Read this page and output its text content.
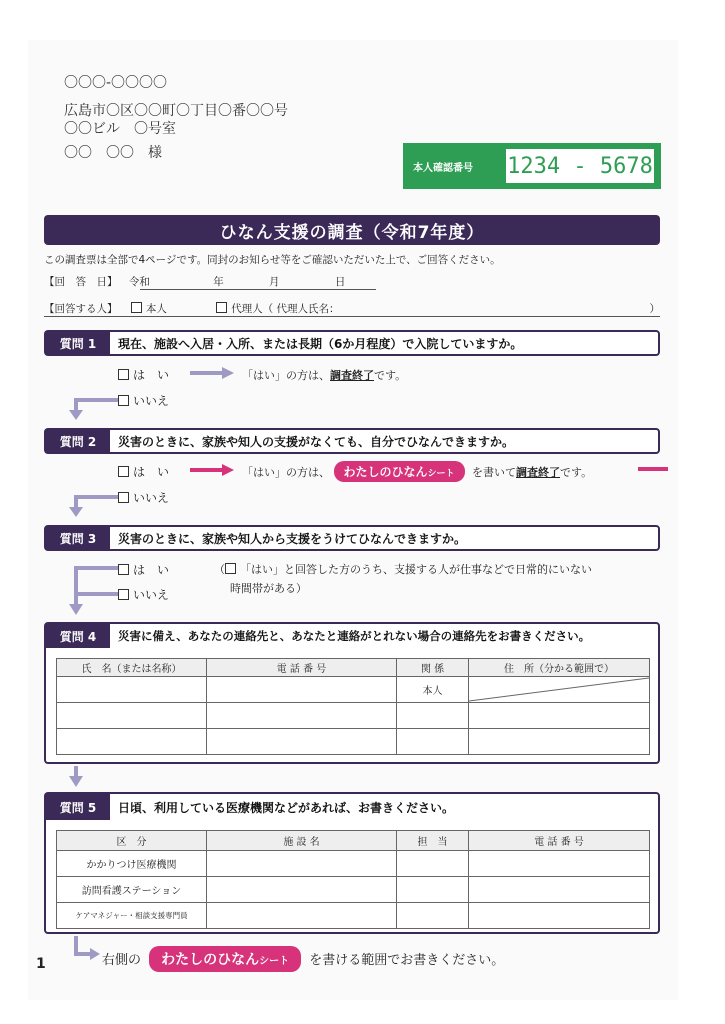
〇〇〇-〇〇〇〇
広島市〇区〇〇町〇丁目〇番〇〇号
〇〇ビル　〇号室
〇〇　〇〇　様
本人確認番号 1234 - 5678
ひなん支援の調査（令和7年度）
この調査票は全部で4ページです。同封のお知らせ等をご確認いただいた上で、ご回答ください。
【回　答　日】 令和	年	月	日
【回答する人】	本人	代理人（ 代理人氏名：	）
質問 1	現在、施設へ入居・入所、または長期（6か月程度）で入院していますか。
は　い	「はい」の方は、調査終了です。
いいえ
質問 2	災害のときに、家族や知人の支援がなくても、自分でひなんできますか。
は　い	「はい」の方は、 わたしのひなんシート を書いて調査終了です。
いいえ
質問 3	災害のときに、家族や知人から支援をうけてひなんできますか。
は　い	（ 「はい」と回答した方のうち、支援する人が仕事などで日常的にいない
時間帯がある）
いいえ
質問 4	災害に備え、あなたの連絡先と、あなたと連絡がとれない場合の連絡先をお書きください。
氏　名（または名称）	電 話 番 号	関 係	住　所（分かる範囲で）
		本人	

質問 5	日頃、利用している医療機関などがあれば、お書きください。
区　分	施 設 名	担　当	電 話 番 号
かかりつけ医療機関			
訪問看護ステーション			
ケアマネジャー・相談支援専門員			
右側の わたしのひなんシート を書ける範囲でお書きください。
1
